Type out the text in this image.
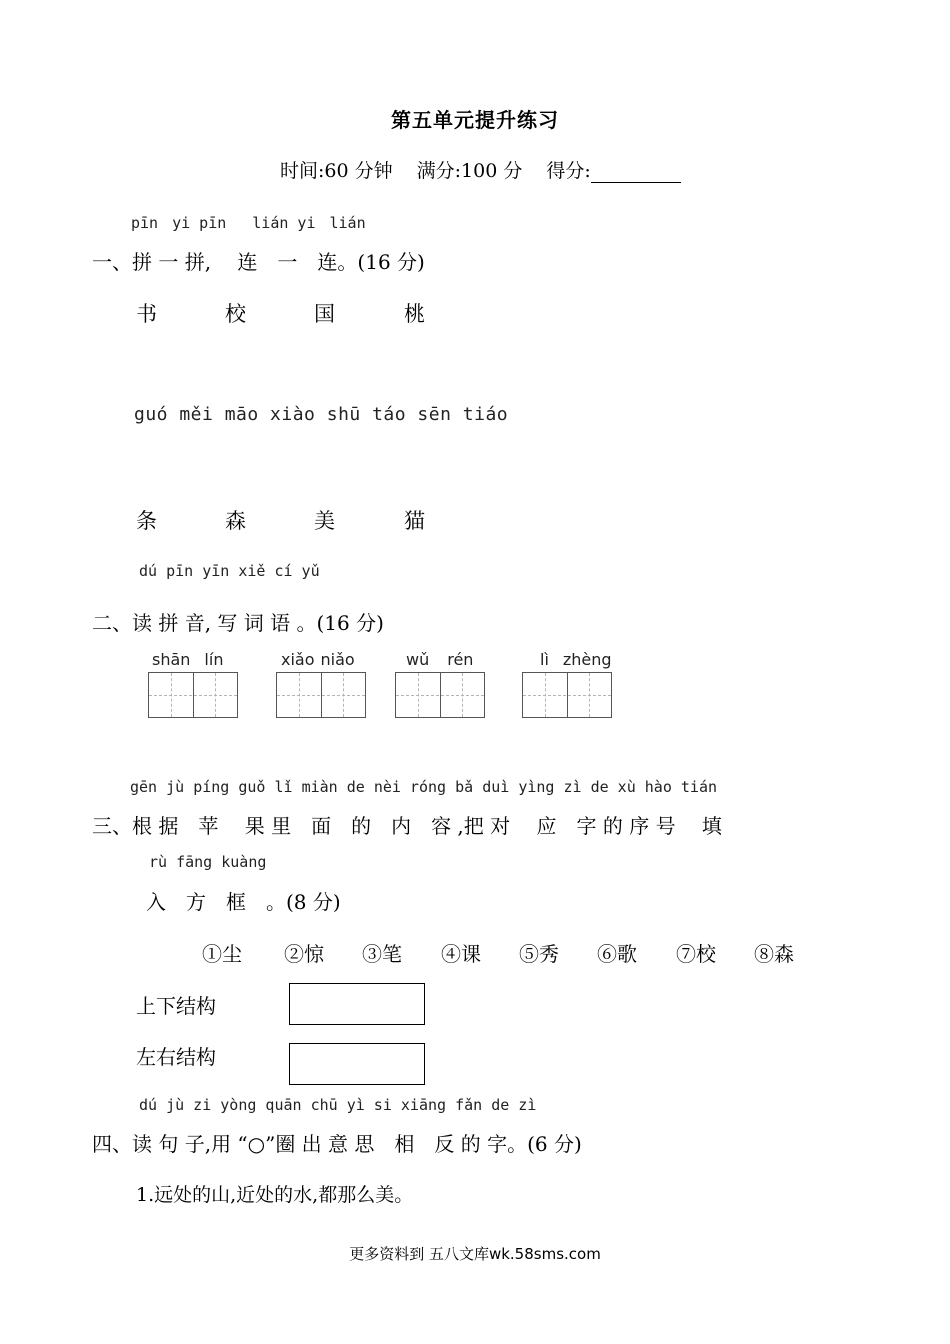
第五单元提升练习
时间:60 分钟 满分:100 分 得分:
pīn yi pīn lián yi lián
一、拼 一 拼,　 连　一　连。(16 分)
书	校	国	桃
guó měi māo xiào shū táo sēn tiáo
条	森	美	猫
dú pīn yīn xiě cí yǔ
二、读 拼 音, 写 词 语 。(16 分)
shān lín	xiǎo niǎo	wǔ rén	lì zhèng
gēn jù píng guǒ lǐ miàn de nèi róng bǎ duì yìng zì de xù hào tián
三、根 据　苹　 果 里　面　的　内　容 ,把 对　 应　字 的 序 号　 填
rù fāng kuàng
入　方　框　。(8 分)
①尘 ②惊 ③笔 ④课 ⑤秀 ⑥歌 ⑦校 ⑧森
上下结构
左右结构
dú jù zi yòng quān chū yì si xiāng fǎn de zì
四、读 句 子,用 “○”圈 出 意 思　相　反 的 字。(6 分)
1.远处的山,近处的水,都那么美。
更多资料到 五八文库wk.58sms.com
